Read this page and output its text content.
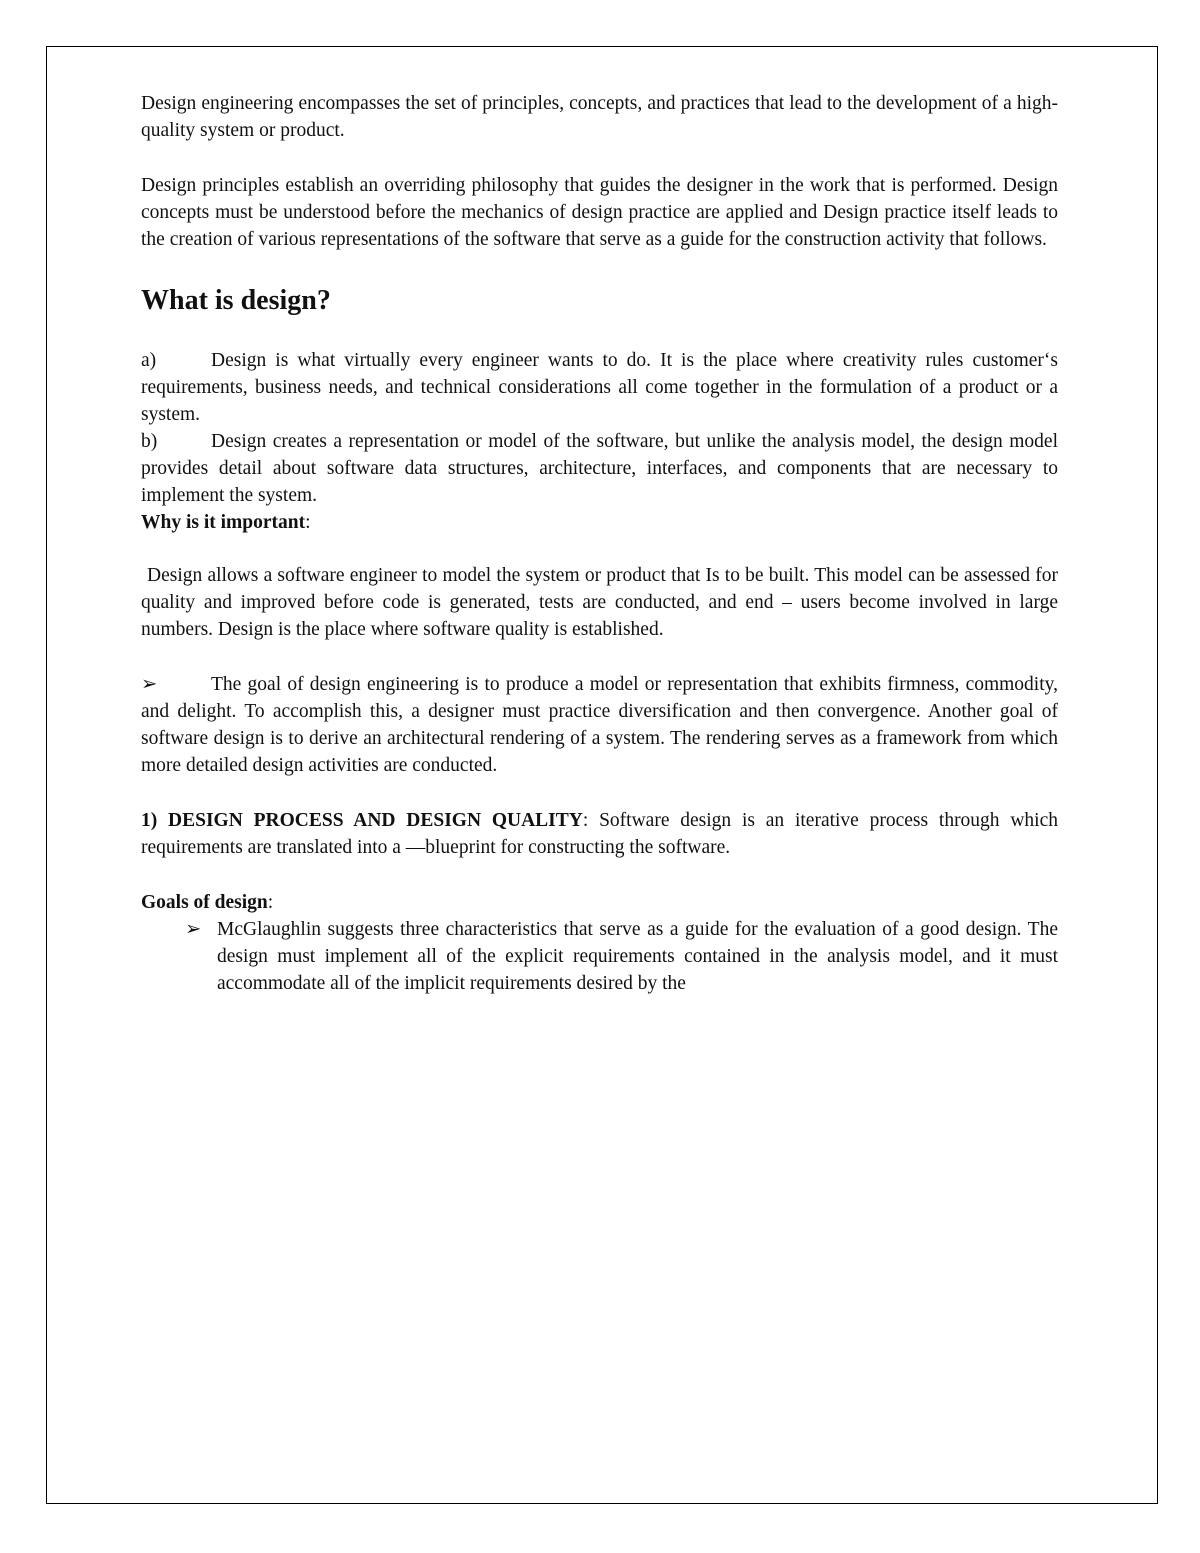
Design engineering encompasses the set of principles, concepts, and practices that lead to the development of a high- quality system or product.

Design principles establish an overriding philosophy that guides the designer in the work that is performed. Design concepts must be understood before the mechanics of design practice are applied and Design practice itself leads to the creation of various representations of the software that serve as a guide for the construction activity that follows.

What is design?

a)	Design is what virtually every engineer wants to do. It is the place where creativity rules customer‘s requirements, business needs, and technical considerations all come together in the formulation of a product or a system.

b)	Design creates a representation or model of the software, but unlike the analysis model, the design model provides detail about software data structures, architecture, interfaces, and components that are necessary to implement the system.

Why is it important:

Design allows a software engineer to model the system or product that Is to be built. This model can be assessed for quality and improved before code is generated, tests are conducted, and end – users become involved in large numbers. Design is the place where software quality is established.

➢	The goal of design engineering is to produce a model or representation that exhibits firmness, commodity, and delight. To accomplish this, a designer must practice diversification and then convergence. Another goal of software design is to derive an architectural rendering of a system. The rendering serves as a framework from which more detailed design activities are conducted.

1) DESIGN PROCESS AND DESIGN QUALITY: Software design is an iterative process through which requirements are translated into a ―blueprint for constructing the software.

Goals of design:

➢ McGlaughlin suggests three characteristics that serve as a guide for the evaluation of a good design. The design must implement all of the explicit requirements contained in the analysis model, and it must accommodate all of the implicit requirements desired by the
